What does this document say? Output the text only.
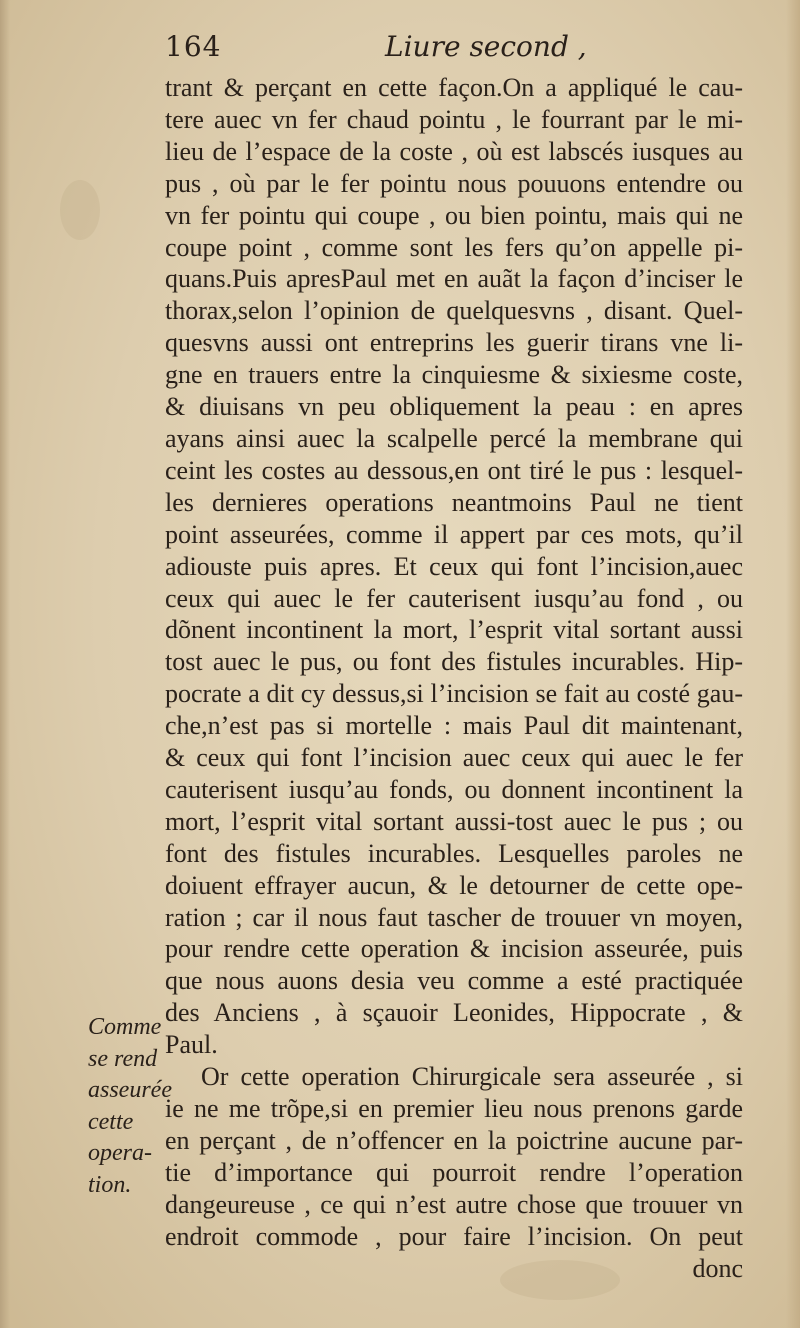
164	Liure second ,
trant & perçant en cette façon.On a appliqué le cau-
tere auec vn fer chaud pointu , le fourrant par le mi-
lieu de l’espace de la coste , où est labscés iusques au
pus , où par le fer pointu nous pouuons entendre ou
vn fer pointu qui coupe , ou bien pointu, mais qui ne
coupe point , comme sont les fers qu’on appelle pi-
quans.Puis apresPaul met en auãt la façon d’inciser le
thorax,selon l’opinion de quelquesvns , disant. Quel-
quesvns aussi ont entreprins les guerir tirans vne li-
gne en trauers entre la cinquiesme & sixiesme coste,
& diuisans vn peu obliquement la peau : en apres
ayans ainsi auec la scalpelle percé la membrane qui
ceint les costes au dessous,en ont tiré le pus : lesquel-
les dernieres operations neantmoins Paul ne tient
point asseurées, comme il appert par ces mots, qu’il
adiouste puis apres. Et ceux qui font l’incision,auec
ceux qui auec le fer cauterisent iusqu’au fond , ou
dõnent incontinent la mort, l’esprit vital sortant aussi
tost auec le pus, ou font des fistules incurables. Hip-
pocrate a dit cy dessus,si l’incision se fait au costé gau-
che,n’est pas si mortelle : mais Paul dit maintenant,
& ceux qui font l’incision auec ceux qui auec le fer
cauterisent iusqu’au fonds, ou donnent incontinent la
mort, l’esprit vital sortant aussi-tost auec le pus ; ou
font des fistules incurables. Lesquelles paroles ne
doiuent effrayer aucun, & le detourner de cette ope-
ration ; car il nous faut tascher de trouuer vn moyen,
pour rendre cette operation & incision asseurée, puis
que nous auons desia veu comme a esté practiquée
des Anciens , à sçauoir Leonides, Hippocrate , &
Paul.
Or cette operation Chirurgicale sera asseurée , si
ie ne me trõpe,si en premier lieu nous prenons garde
en perçant , de n’offencer en la poictrine aucune par-
tie d’importance qui pourroit rendre l’operation
dangeureuse , ce qui n’est autre chose que trouuer vn
endroit commode , pour faire l’incision. On peut
donc
Comme
se rend
asseurée
cette
opera-
tion.
